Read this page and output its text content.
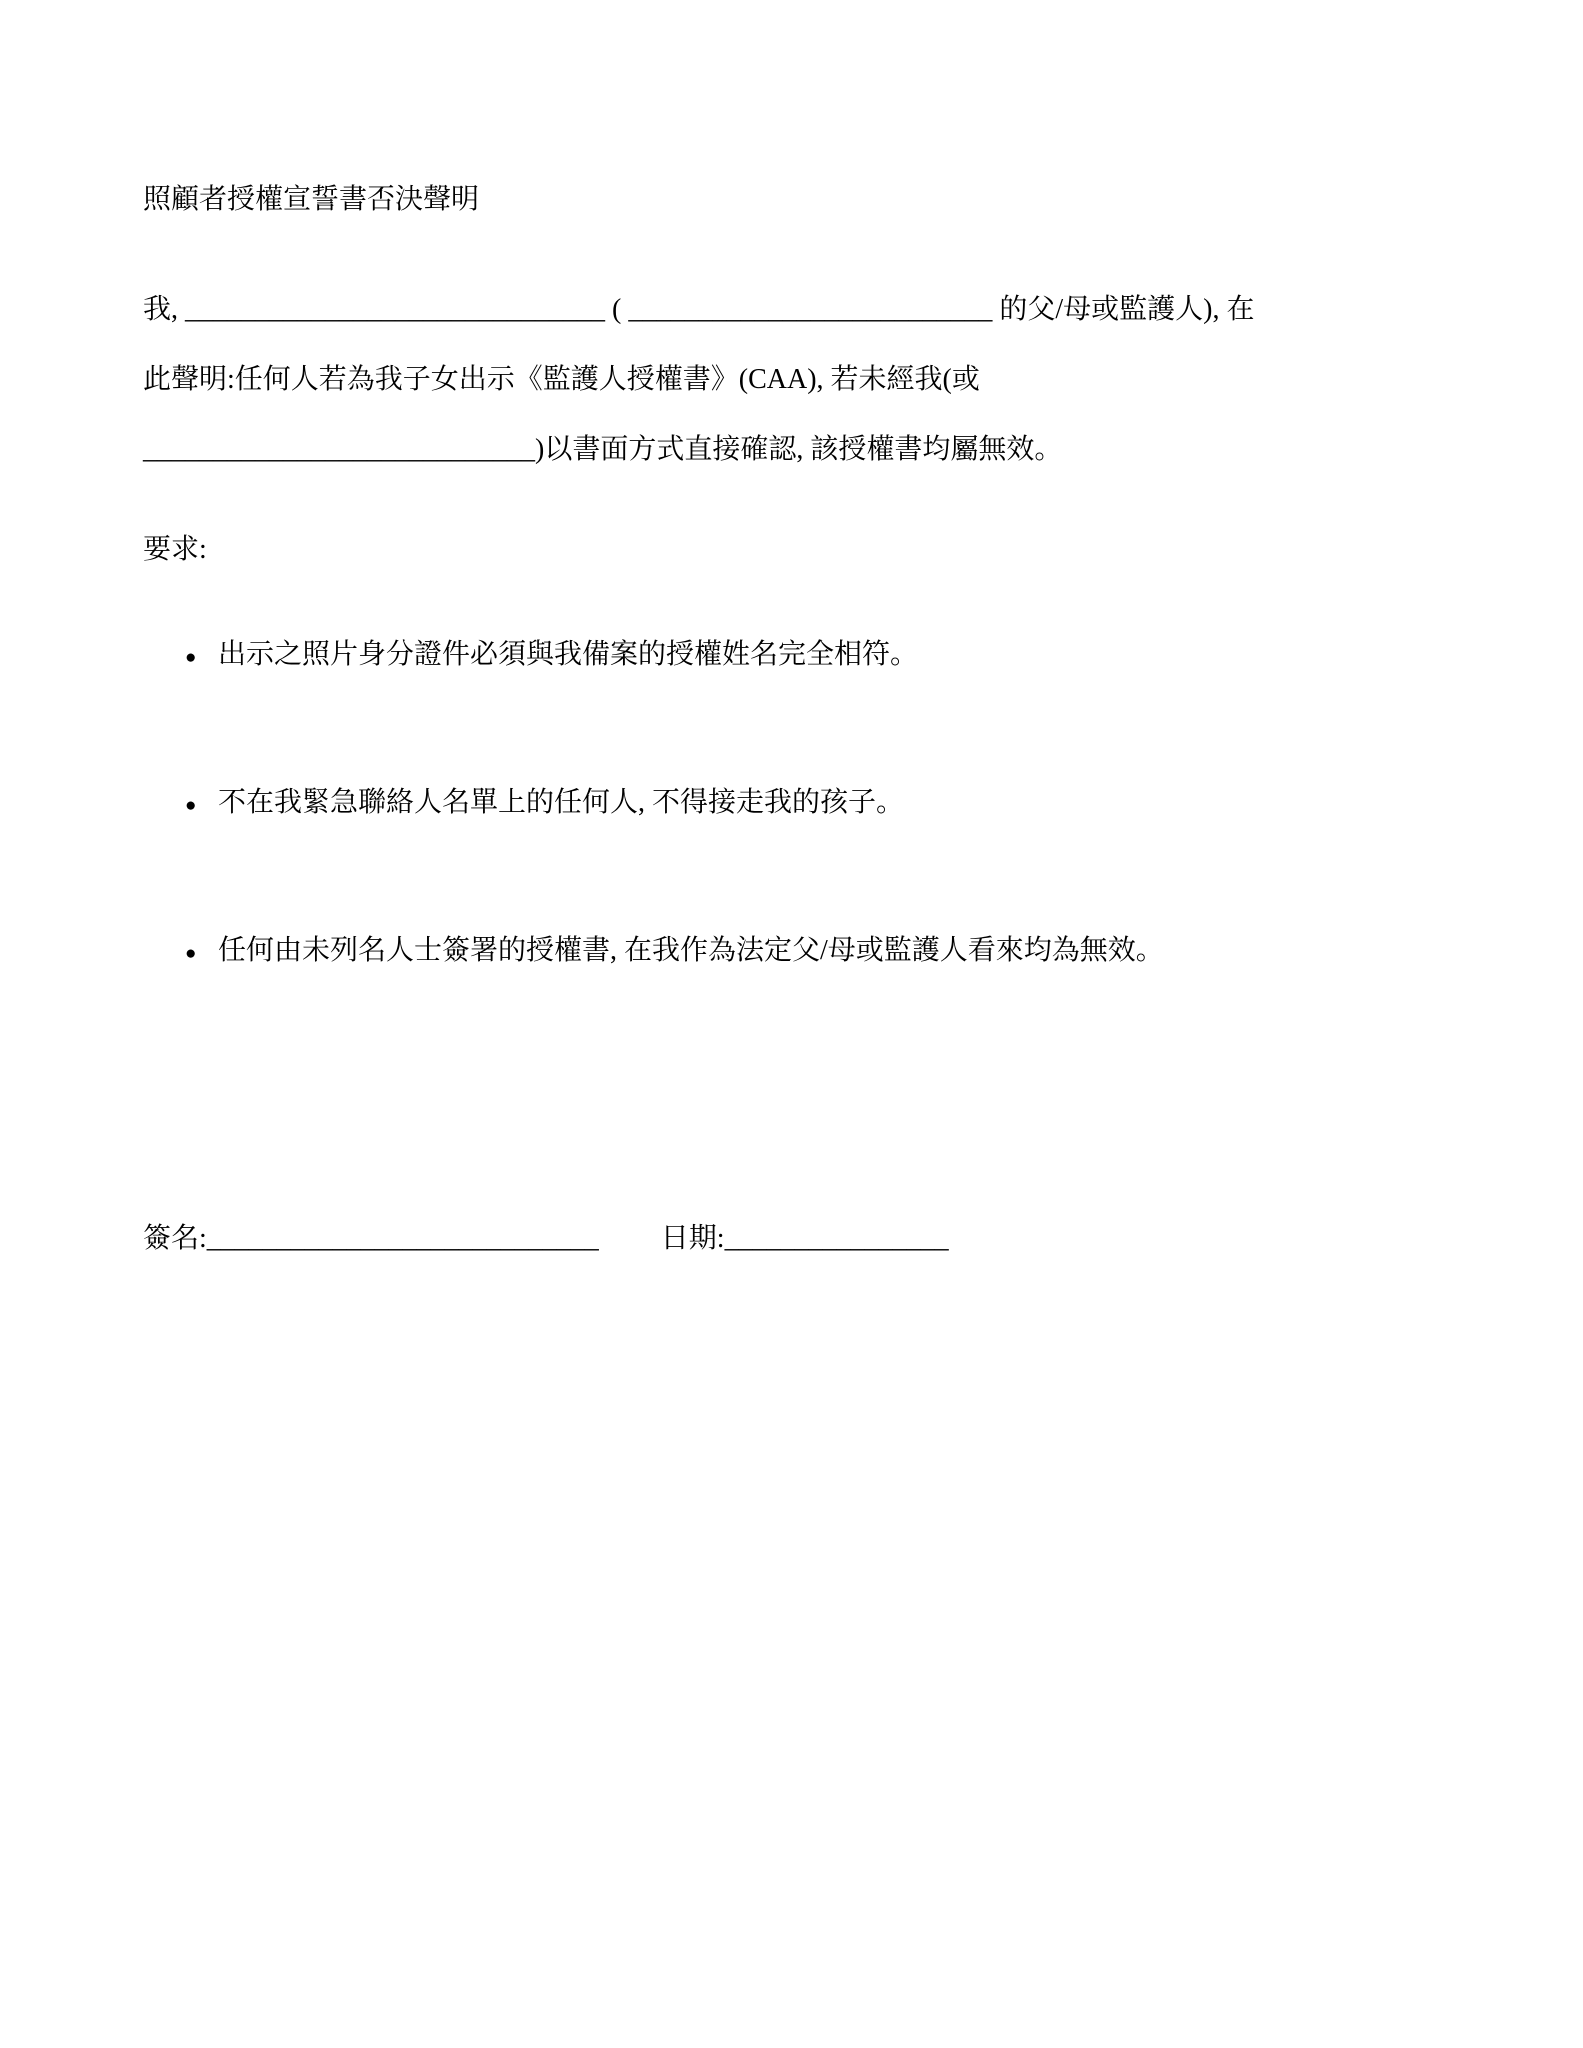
照顧者授權宣誓書否決聲明
我, ______________________________ ( __________________________ 的父/母或監護人), 在
此聲明:任何人若為我子女出示《監護人授權書》(CAA), 若未經我(或
____________________________)以書面方式直接確認, 該授權書均屬無效。
要求:
● 出示之照片身分證件必須與我備案的授權姓名完全相符。
● 不在我緊急聯絡人名單上的任何人, 不得接走我的孩子。
● 任何由未列名人士簽署的授權書, 在我作為法定父/母或監護人看來均為無效。
簽名:____________________________ 日期:________________
